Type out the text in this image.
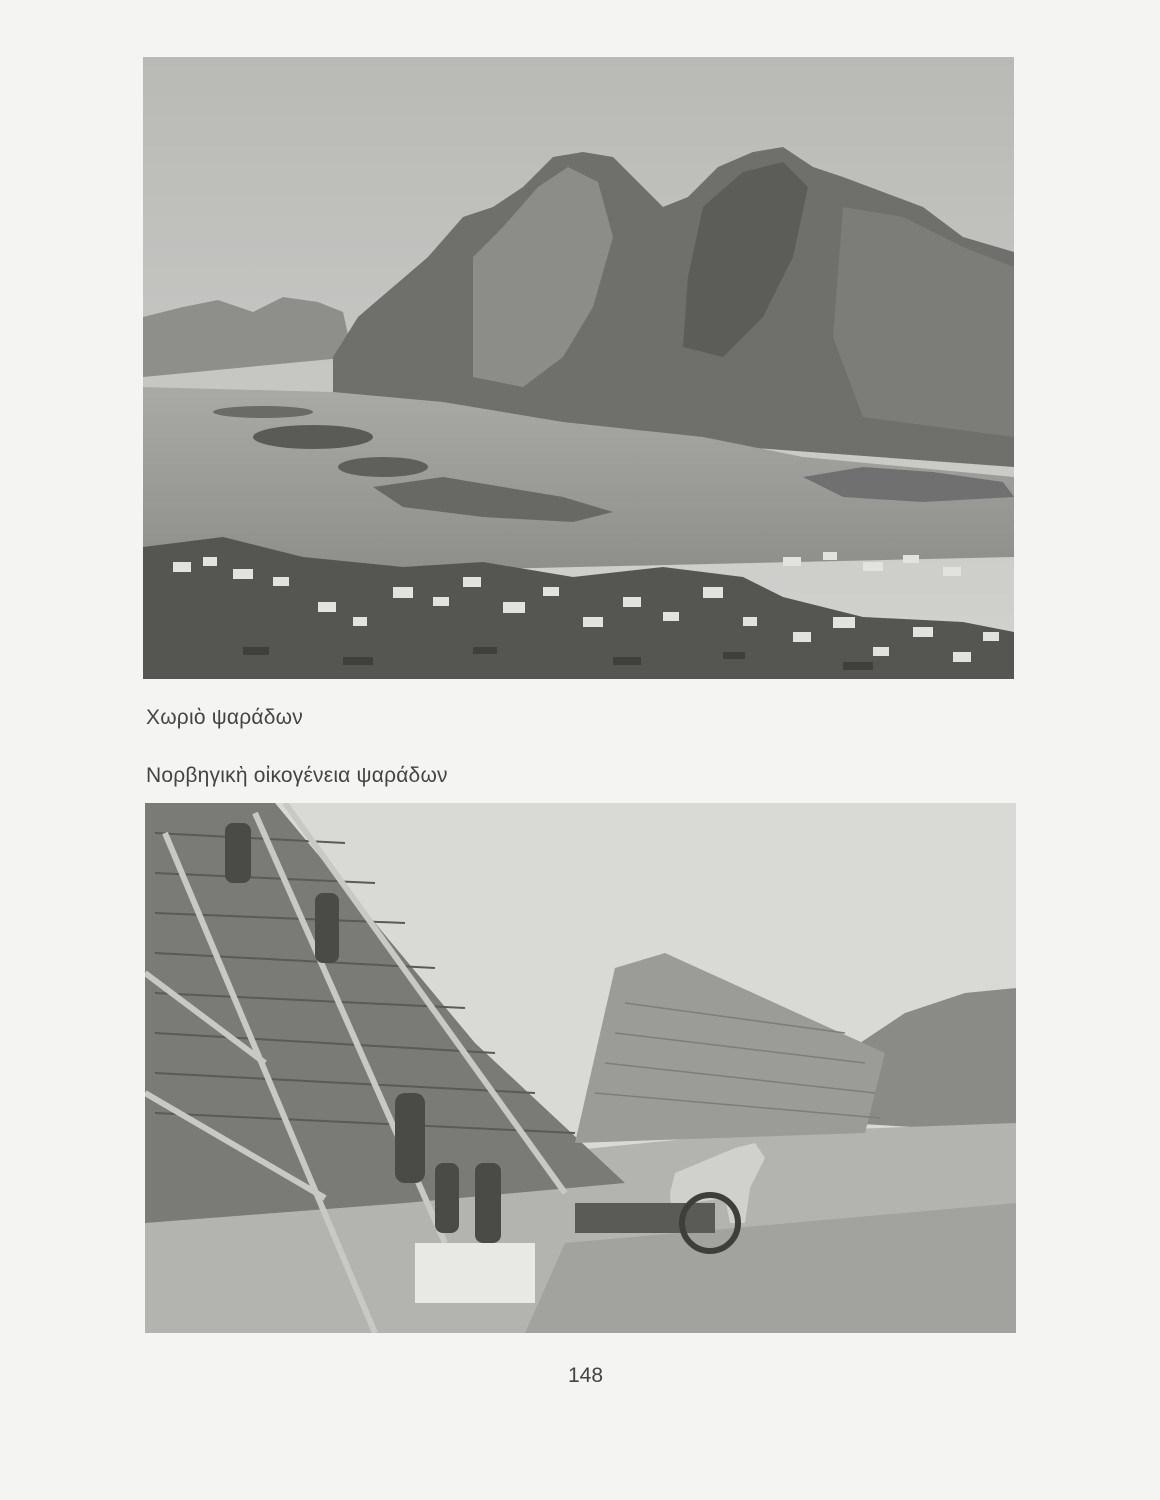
Χωριὸ ψαράδων
Νορβηγικὴ οἰκογένεια ψαράδων
148
